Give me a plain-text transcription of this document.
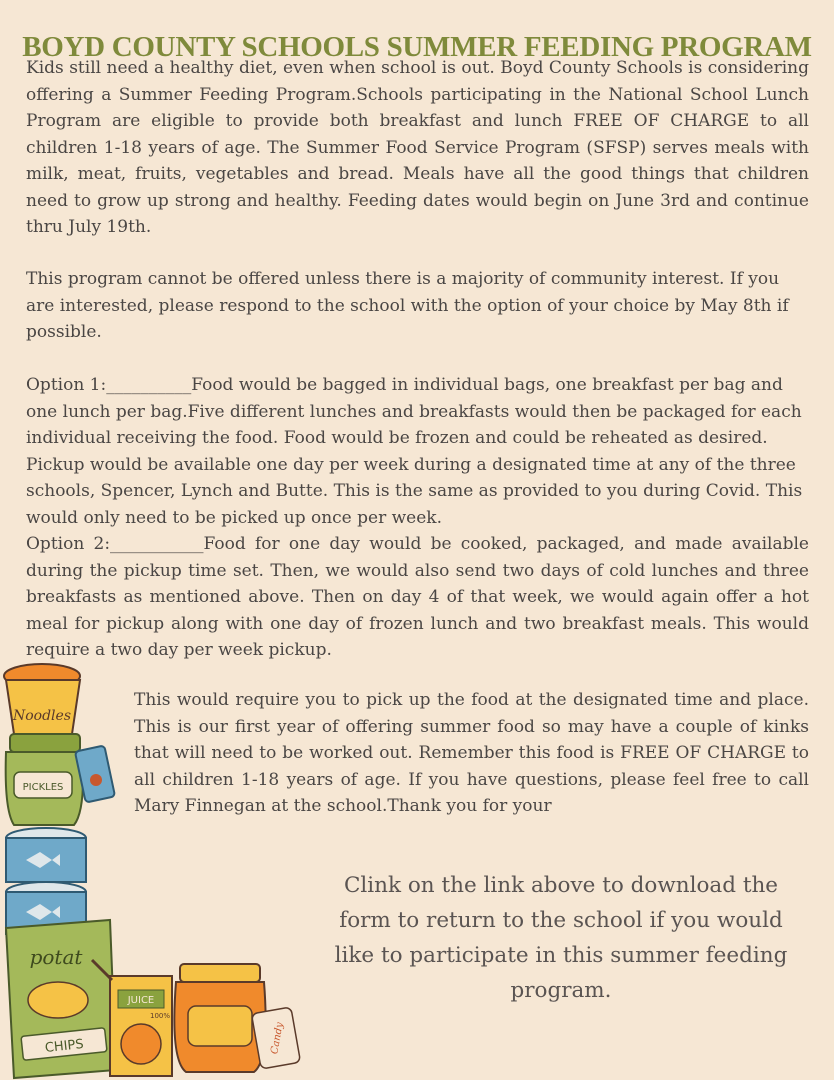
BOYD COUNTY SCHOOLS SUMMER FEEDING PROGRAM

Kids still need a healthy diet, even when school is out. Boyd County Schools is considering offering a Summer Feeding Program.Schools participating in the National School Lunch Program are eligible to provide both breakfast and lunch FREE OF CHARGE to all children 1-18 years of age. The Summer Food Service Program (SFSP) serves meals with milk, meat, fruits, vegetables and bread. Meals have all the good things that children need to grow up strong and healthy. Feeding dates would begin on June 3rd and continue thru July 19th.

This program cannot be offered unless there is a majority of community interest. If you are interested, please respond to the school with the option of your choice by May 8th if possible.

Option 1:__________Food would be bagged in individual bags, one breakfast per bag and one lunch per bag.Five different lunches and breakfasts would then be packaged for each individual receiving the food. Food would be frozen and could be reheated as desired. Pickup would be available one day per week during a designated time at any of the three schools, Spencer, Lynch and Butte. This is the same as provided to you during Covid. This would only need to be picked up once per week.

Option 2:___________Food for one day would be cooked, packaged, and made available during the pickup time set. Then, we would also send two days of cold lunches and three breakfasts as mentioned above. Then on day 4 of that week, we would again offer a hot meal for pickup along with one day of frozen lunch and two breakfast meals. This would require a two day per week pickup.

This would require you to pick up the food at the designated time and place. This is our first year of offering summer food so may have a couple of kinks that will need to be worked out. Remember this food is FREE OF CHARGE to all children 1-18 years of age. If you have questions, please feel free to call Mary Finnegan at the school.Thank you for your

Clink on the link above to download the form to return to the school if you would like to participate in this summer feeding program.

Noodles
PICKLES
potat
CHIPS
JUICE
100%
Candy
